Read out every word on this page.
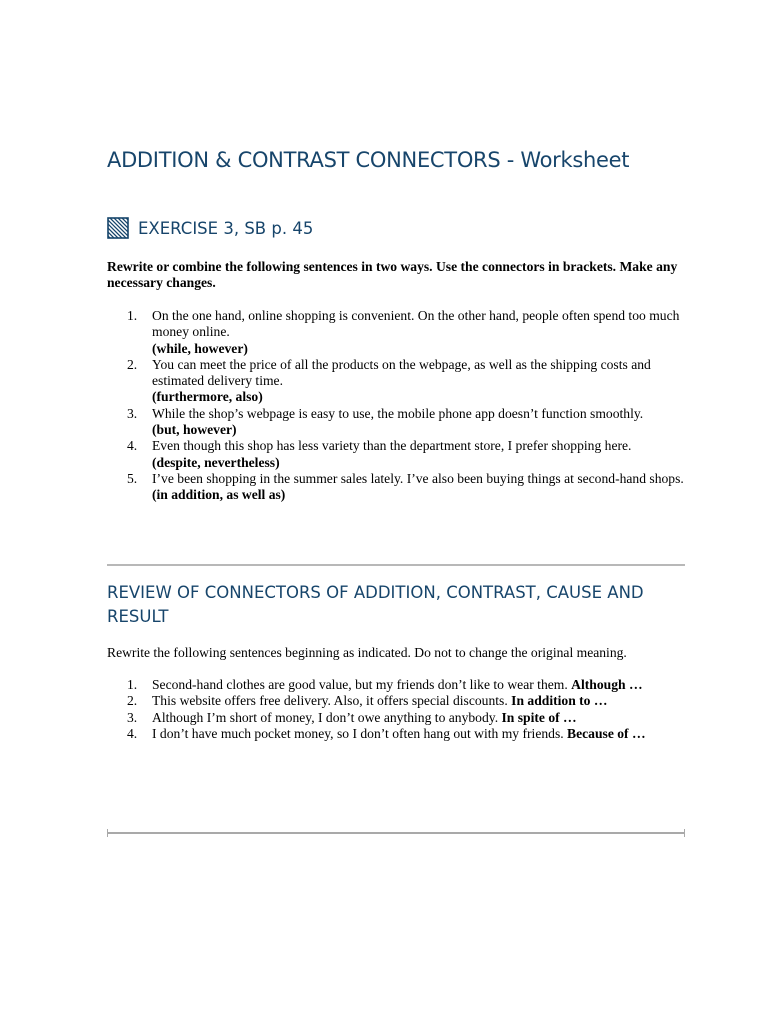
ADDITION & CONTRAST CONNECTORS - Worksheet
EXERCISE 3, SB p. 45

Rewrite or combine the following sentences in two ways. Use the connectors in brackets. Make any necessary changes.

1. On the one hand, online shopping is convenient. On the other hand, people often spend too much money online.
(while, however)
2. You can meet the price of all the products on the webpage, as well as the shipping costs and estimated delivery time.
(furthermore, also)
3. While the shop’s webpage is easy to use, the mobile phone app doesn’t function smoothly.
(but, however)
4. Even though this shop has less variety than the department store, I prefer shopping here.
(despite, nevertheless)
5. I’ve been shopping in the summer sales lately. I’ve also been buying things at second-hand shops.
(in addition, as well as)
REVIEW OF CONNECTORS OF ADDITION, CONTRAST, CAUSE AND RESULT

Rewrite the following sentences beginning as indicated. Do not to change the original meaning.

1. Second-hand clothes are good value, but my friends don’t like to wear them. Although …
2. This website offers free delivery. Also, it offers special discounts. In addition to …
3. Although I’m short of money, I don’t owe anything to anybody. In spite of …
4. I don’t have much pocket money, so I don’t often hang out with my friends. Because of …
